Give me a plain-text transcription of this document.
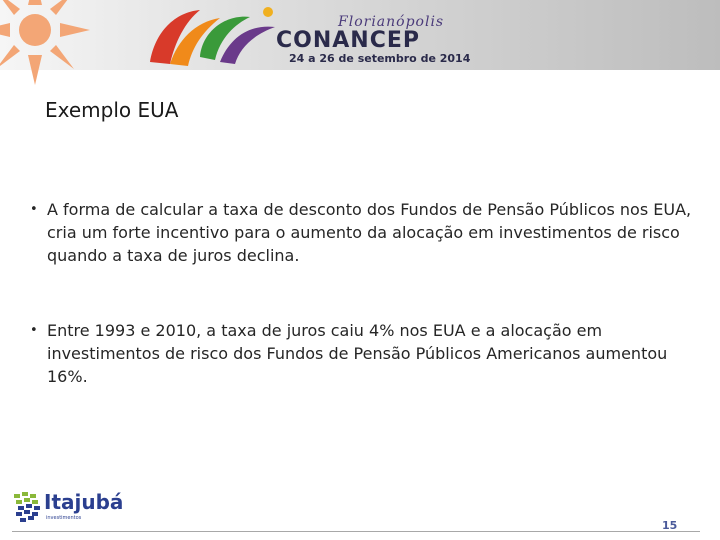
Florianópolis
CONANCEP
24 a 26 de setembro de 2014
Exemplo EUA
• A forma de calcular a taxa de desconto dos Fundos de Pensão Públicos nos EUA, cria um forte incentivo para o aumento da alocação em investimentos de risco quando a taxa de juros declina.
• Entre 1993 e 2010, a taxa de juros caiu 4% nos EUA e a alocação em investimentos de risco dos Fundos de Pensão Públicos Americanos aumentou 16%.
Itajubá
investimentos
15
